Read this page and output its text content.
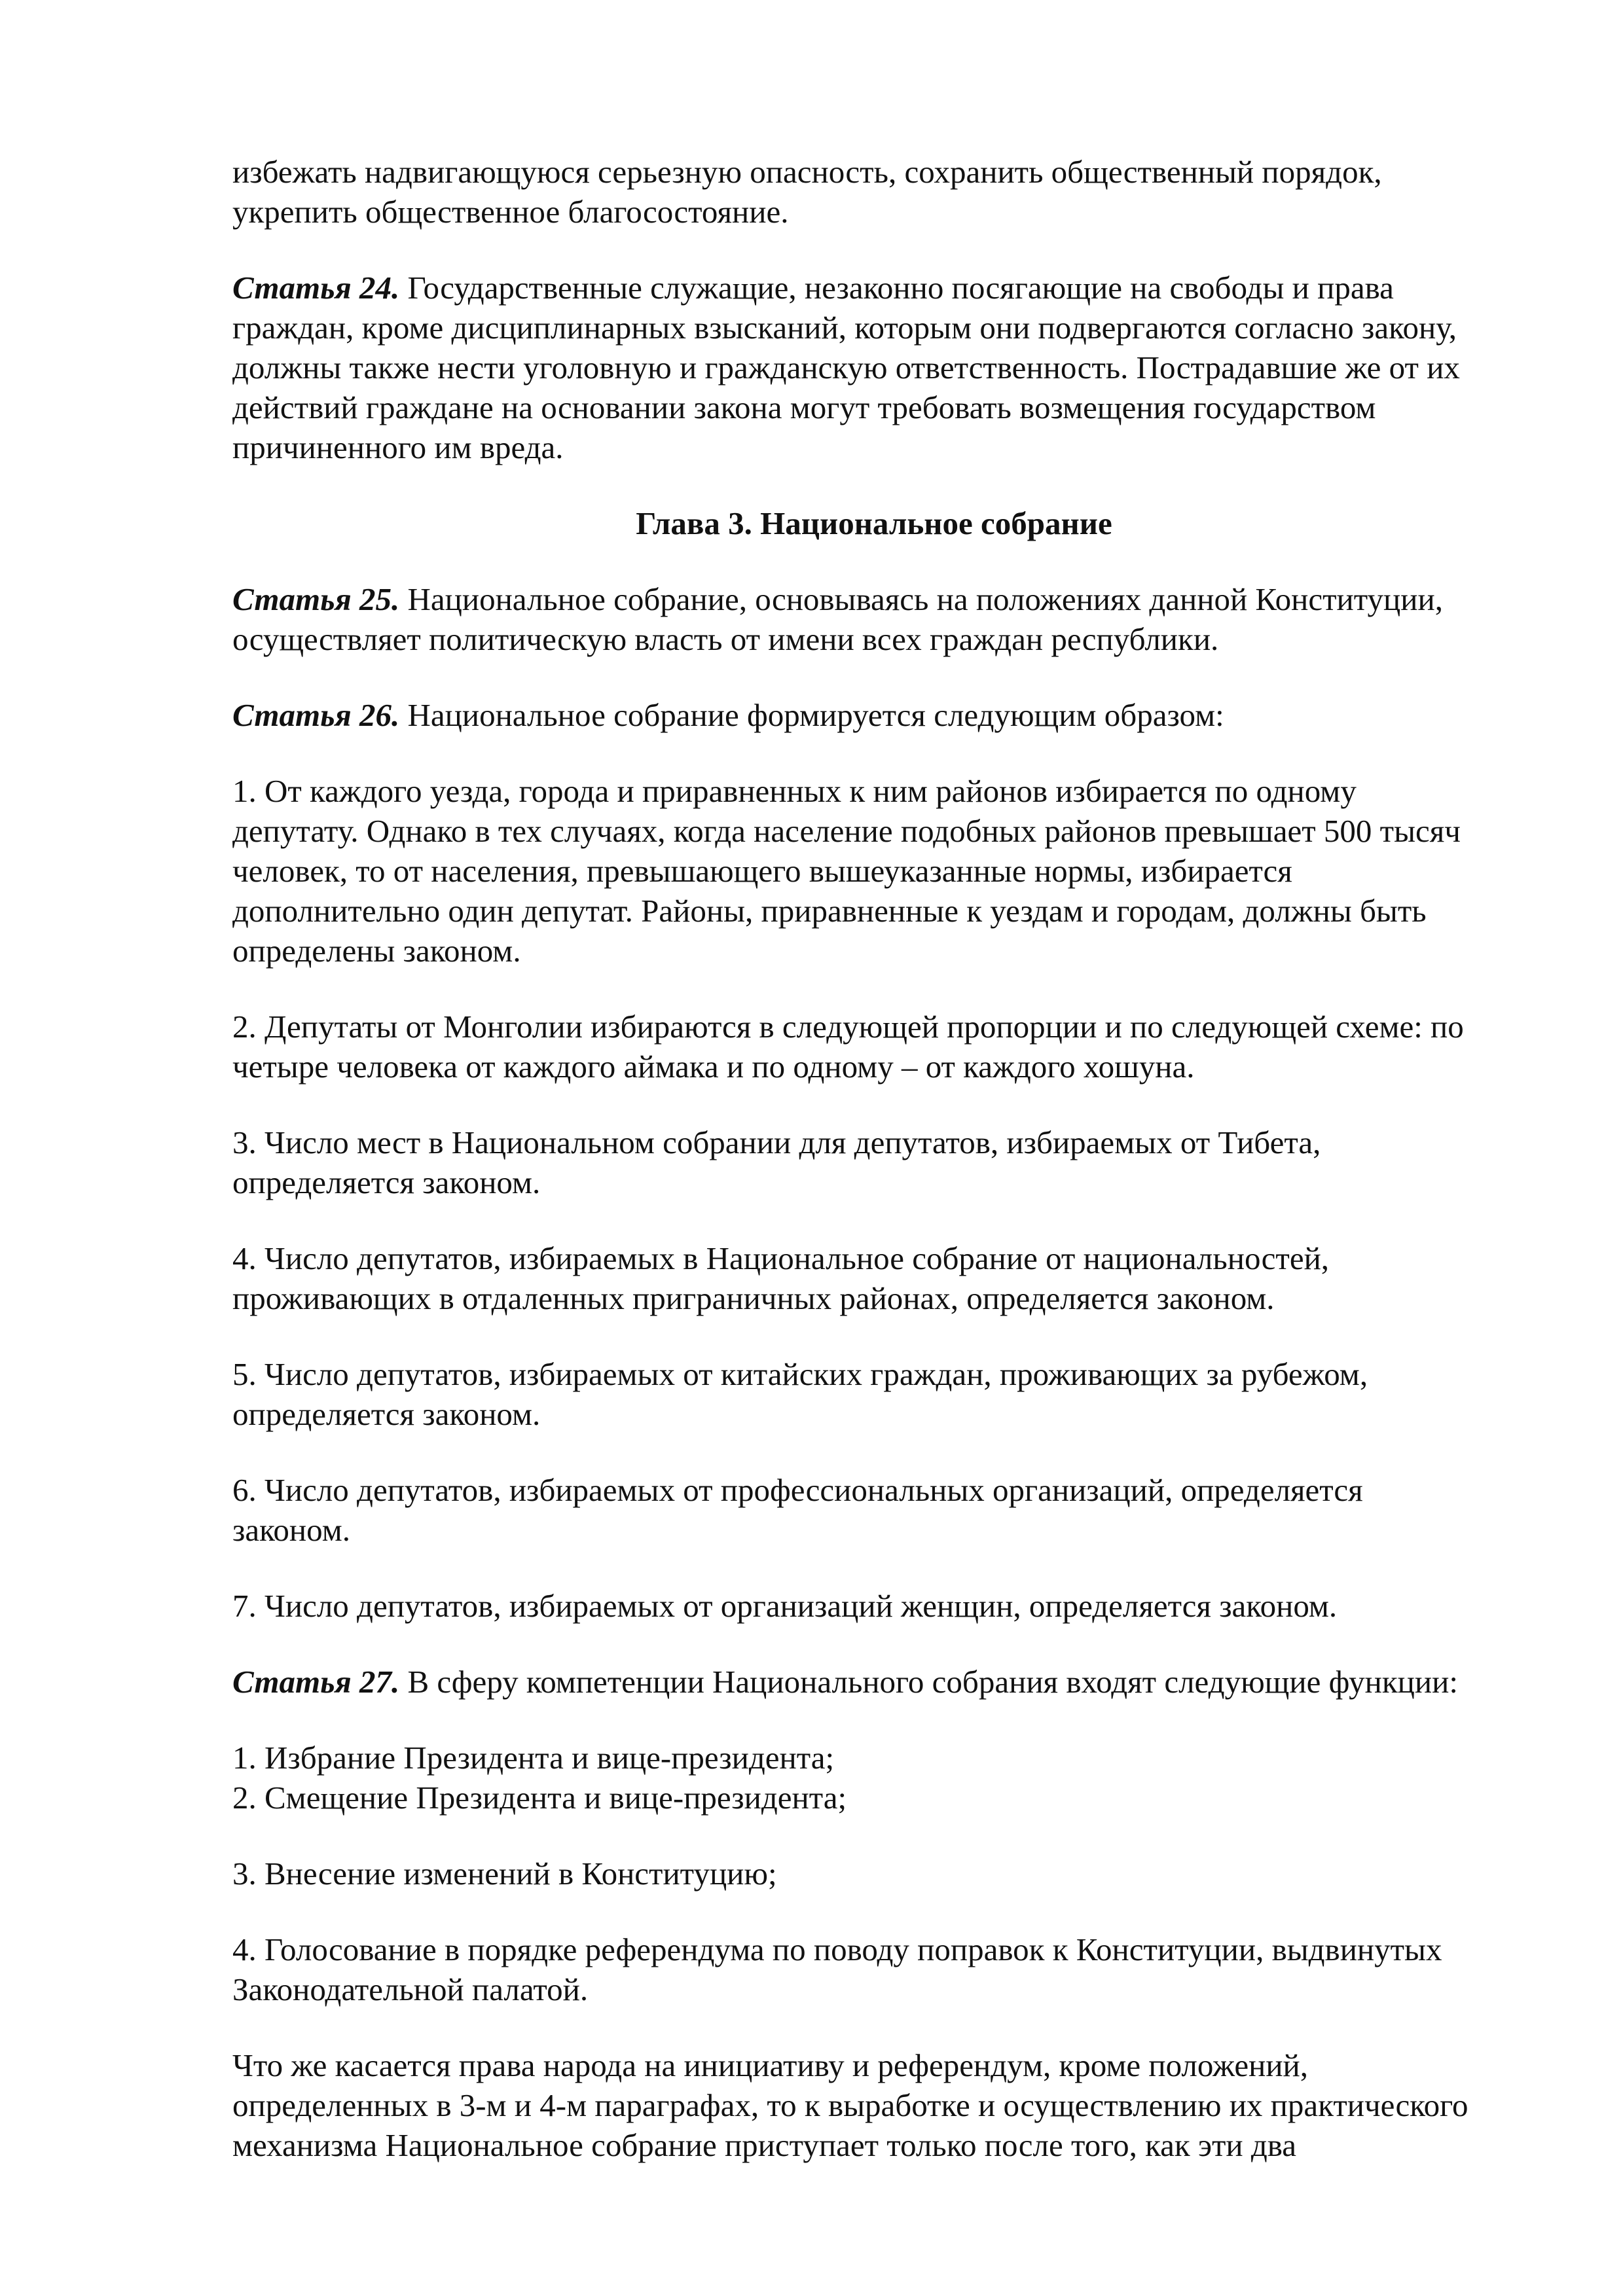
избежать надвигающуюся серьезную опасность, сохранить общественный порядок,
укрепить общественное благосостояние.

Статья 24. Государственные служащие, незаконно посягающие на свободы и права
граждан, кроме дисциплинарных взысканий, которым они подвергаются согласно закону,
должны также нести уголовную и гражданскую ответственность. Пострадавшие же от их
действий граждане на основании закона могут требовать возмещения государством
причиненного им вреда.

Глава 3. Национальное собрание

Статья 25. Национальное собрание, основываясь на положениях данной Конституции,
осуществляет политическую власть от имени всех граждан республики.

Статья 26. Национальное собрание формируется следующим образом:

1. От каждого уезда, города и приравненных к ним районов избирается по одному
депутату. Однако в тех случаях, когда население подобных районов превышает 500 тысяч
человек, то от населения, превышающего вышеуказанные нормы, избирается
дополнительно один депутат. Районы, приравненные к уездам и городам, должны быть
определены законом.

2. Депутаты от Монголии избираются в следующей пропорции и по следующей схеме: по
четыре человека от каждого аймака и по одному – от каждого хошуна.

3. Число мест в Национальном собрании для депутатов, избираемых от Тибета,
определяется законом.

4. Число депутатов, избираемых в Национальное собрание от национальностей,
проживающих в отдаленных приграничных районах, определяется законом.

5. Число депутатов, избираемых от китайских граждан, проживающих за рубежом,
определяется законом.

6. Число депутатов, избираемых от профессиональных организаций, определяется
законом.

7. Число депутатов, избираемых от организаций женщин, определяется законом.

Статья 27. В сферу компетенции Национального собрания входят следующие функции:

1. Избрание Президента и вице-президента;
2. Смещение Президента и вице-президента;

3. Внесение изменений в Конституцию;

4. Голосование в порядке референдума по поводу поправок к Конституции, выдвинутых
Законодательной палатой.

Что же касается права народа на инициативу и референдум, кроме положений,
определенных в 3-м и 4-м параграфах, то к выработке и осуществлению их практического
механизма Национальное собрание приступает только после того, как эти два
